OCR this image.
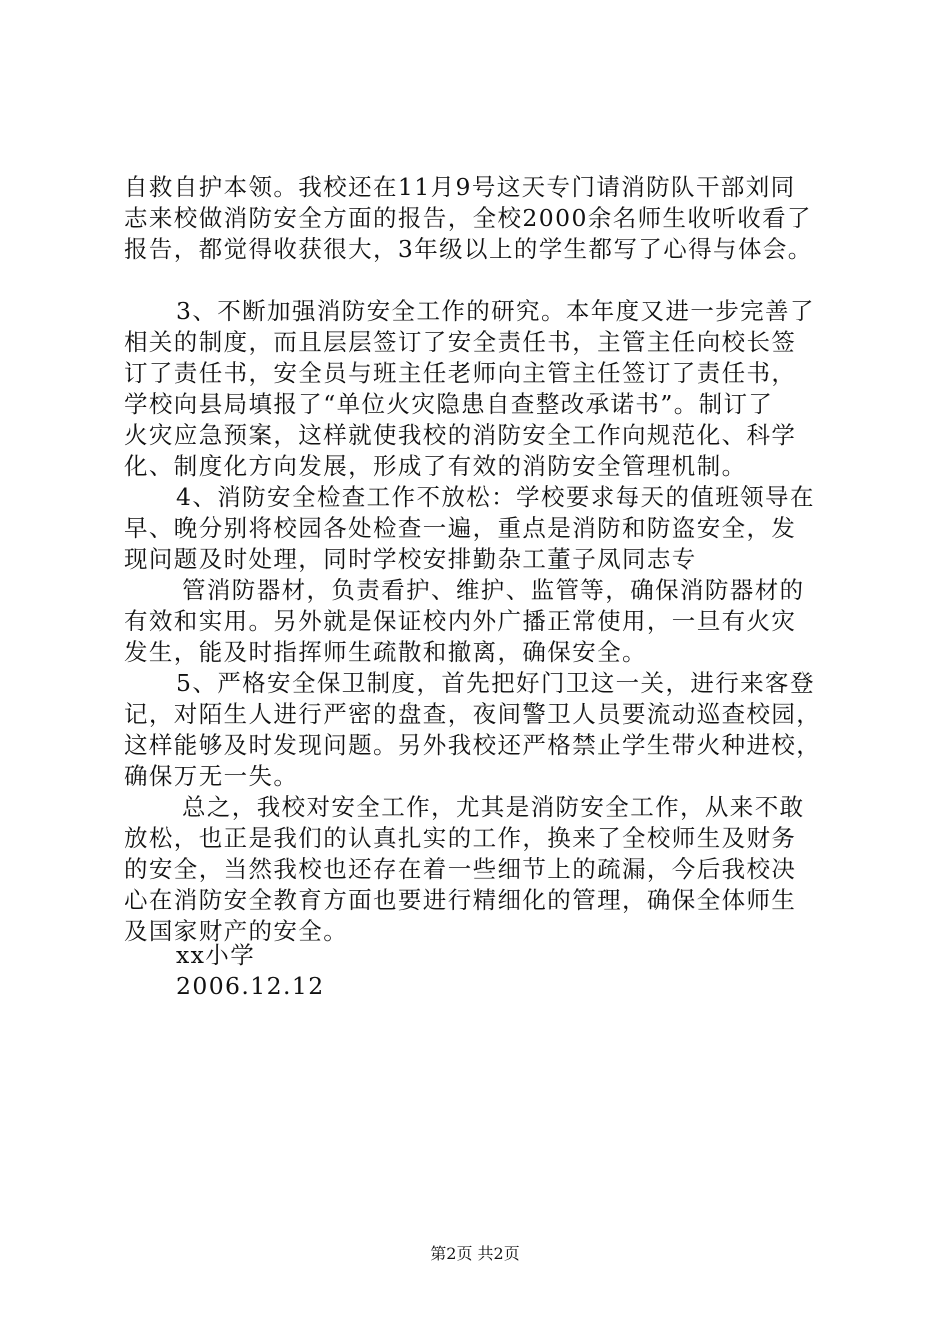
自救自护本领。我校还在11月9号这天专门请消防队干部刘同
志来校做消防安全方面的报告，全校2000余名师生收听收看了
报告，都觉得收获很大，3年级以上的学生都写了心得与体会。
3、不断加强消防安全工作的研究。本年度又进一步完善了
相关的制度，而且层层签订了安全责任书，主管主任向校长签
订了责任书，安全员与班主任老师向主管主任签订了责任书，
学校向县局填报了“单位火灾隐患自查整改承诺书”。制订了
火灾应急预案，这样就使我校的消防安全工作向规范化、科学
化、制度化方向发展，形成了有效的消防安全管理机制。
4、消防安全检查工作不放松：学校要求每天的值班领导在
早、晚分别将校园各处检查一遍，重点是消防和防盗安全，发
现问题及时处理，同时学校安排勤杂工董子凤同志专
管消防器材，负责看护、维护、监管等，确保消防器材的
有效和实用。另外就是保证校内外广播正常使用，一旦有火灾
发生，能及时指挥师生疏散和撤离，确保安全。
5、严格安全保卫制度，首先把好门卫这一关，进行来客登
记，对陌生人进行严密的盘查，夜间警卫人员要流动巡查校园，
这样能够及时发现问题。另外我校还严格禁止学生带火种进校，
确保万无一失。
总之，我校对安全工作，尤其是消防安全工作，从来不敢
放松，也正是我们的认真扎实的工作，换来了全校师生及财务
的安全，当然我校也还存在着一些细节上的疏漏，今后我校决
心在消防安全教育方面也要进行精细化的管理，确保全体师生
及国家财产的安全。
xx小学
2006.12.12
第2页 共2页
